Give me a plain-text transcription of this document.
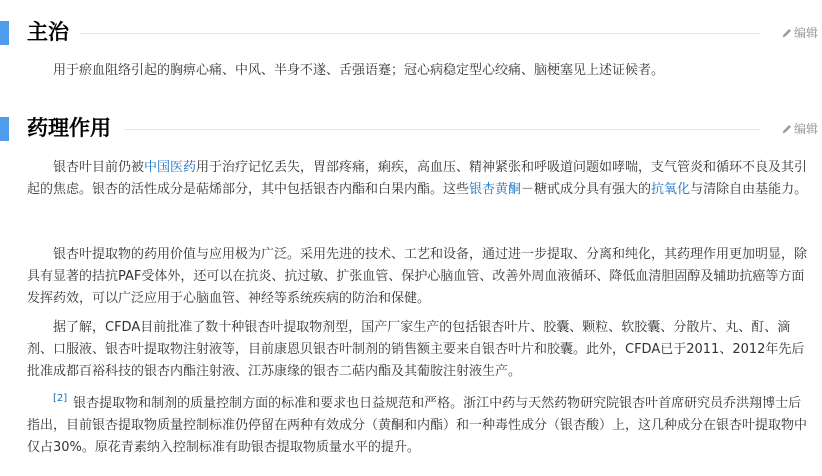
主治	编辑

用于瘀血阻络引起的胸痹心痛、中风、半身不遂、舌强语蹇；冠心病稳定型心绞痛、脑梗塞见上述证候者。

药理作用	编辑

银杏叶目前仍被中国医药用于治疗记忆丢失，胃部疼痛，痢疾，高血压、精神紧张和呼吸道问题如哮喘，支气管炎和循环不良及其引起的焦虑。银杏的活性成分是萜烯部分，其中包括银杏内酯和白果内酯。这些银杏黄酮－糖甙成分具有强大的抗氧化与清除自由基能力。

银杏叶提取物的药用价值与应用极为广泛。采用先进的技术、工艺和设备，通过进一步提取、分离和纯化，其药理作用更加明显，除具有显著的拮抗PAF受体外，还可以在抗炎、抗过敏、扩张血管、保护心脑血管、改善外周血液循环、降低血清胆固醇及辅助抗癌等方面发挥药效，可以广泛应用于心脑血管、神经等系统疾病的防治和保健。

据了解，CFDA目前批准了数十种银杏叶提取物剂型，国产厂家生产的包括银杏叶片、胶囊、颗粒、软胶囊、分散片、丸、酊、滴剂、口服液、银杏叶提取物注射液等，目前康恩贝银杏叶制剂的销售额主要来自银杏叶片和胶囊。此外，CFDA已于2011、2012年先后批准成都百裕科技的银杏内酯注射液、江苏康缘的银杏二萜内酯及其葡胺注射液生产。

[2] 银杏提取物和制剂的质量控制方面的标准和要求也日益规范和严格。浙江中药与天然药物研究院银杏叶首席研究员乔洪翔博士后指出，目前银杏提取物质量控制标准仍停留在两种有效成分（黄酮和内酯）和一种毒性成分（银杏酸）上，这几种成分在银杏叶提取物中仅占30%。原花青素纳入控制标准有助银杏提取物质量水平的提升。
